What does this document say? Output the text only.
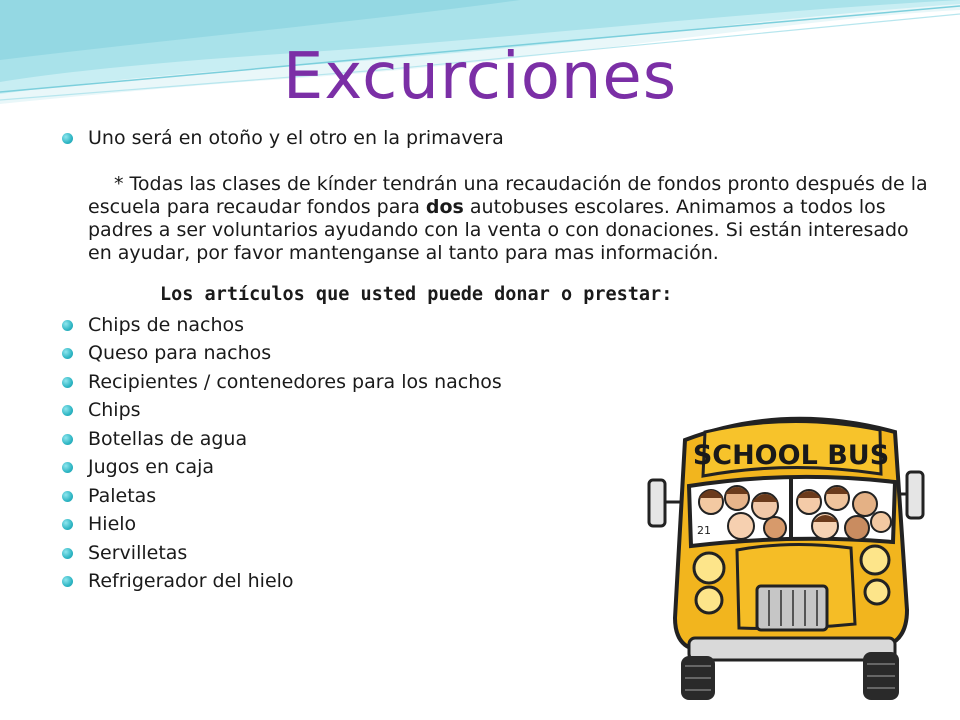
Excurciones
Uno será en otoño y el otro en la primavera
* Todas las clases de kínder tendrán una recaudación de fondos pronto después de la escuela para recaudar fondos para dos autobuses escolares. Animamos a todos los padres a ser voluntarios ayudando con la venta o con donaciones. Si están interesado en ayudar, por favor mantenganse al tanto para mas información.
Los artículos que usted puede donar o prestar:
Chips de nachos
Queso para nachos
Recipientes / contenedores para los nachos
Chips
Botellas de agua
Jugos en caja
Paletas
Hielo
Servilletas
Refrigerador del hielo
SCHOOL BUS
21
